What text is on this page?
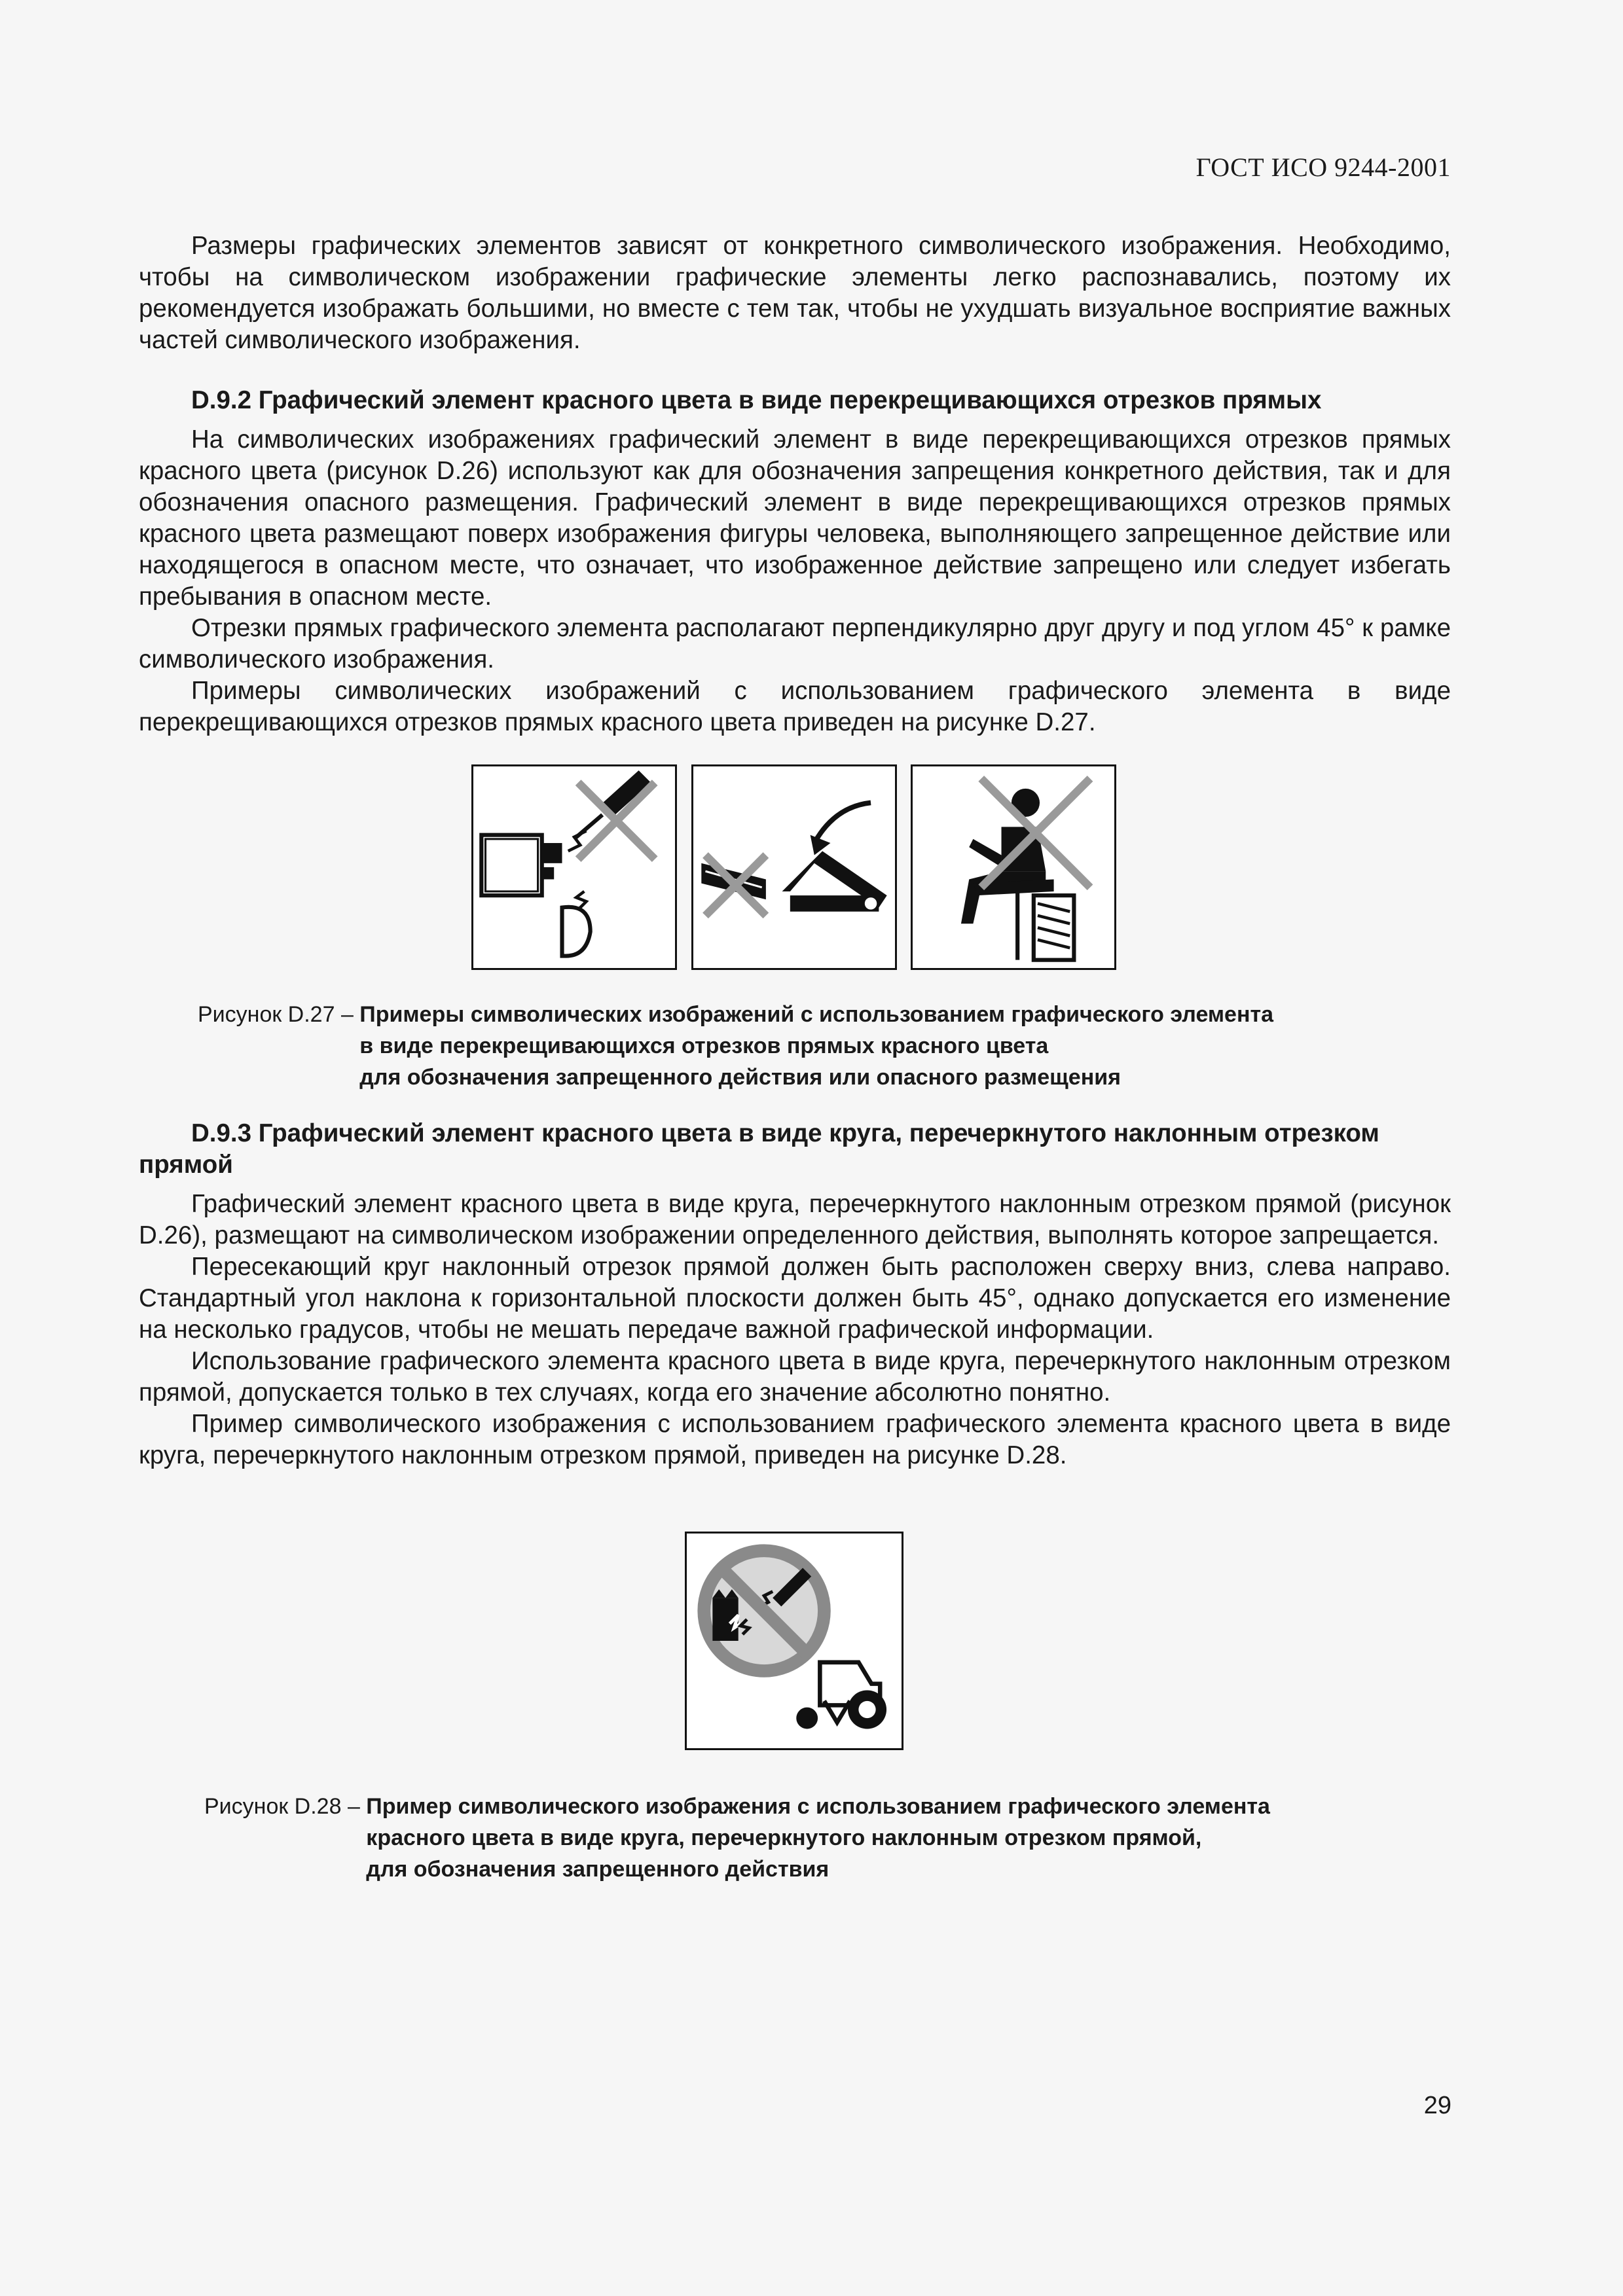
ГОСТ ИСО 9244-2001

Размеры графических элементов зависят от конкретного символического изображения. Необходимо, чтобы на символическом изображении графические элементы легко распознавались, поэтому их рекомендуется изображать большими, но вместе с тем так, чтобы не ухудшать визуальное восприятие важных частей символического изображения.

D.9.2 Графический элемент красного цвета в виде перекрещивающихся отрезков прямых

На символических изображениях графический элемент в виде перекрещивающихся отрезков прямых красного цвета (рисунок D.26) используют как для обозначения запрещения конкретного действия, так и для обозначения опасного размещения. Графический элемент в виде перекрещивающихся отрезков прямых красного цвета размещают поверх изображения фигуры человека, выполняющего запрещенное действие или находящегося в опасном месте, что означает, что изображенное действие запрещено или следует избегать пребывания в опасном месте.

Отрезки прямых графического элемента располагают перпендикулярно друг другу и под углом 45° к рамке символического изображения.

Примеры символических изображений с использованием графического элемента в виде перекрещивающихся отрезков прямых красного цвета приведен на рисунке D.27.

Рисунок D.27 – Примеры символических изображений с использованием графического элемента
в виде перекрещивающихся отрезков прямых красного цвета
для обозначения запрещенного действия или опасного размещения
D.9.3 Графический элемент красного цвета в виде круга, перечеркнутого наклонным отрезком
прямой

Графический элемент красного цвета в виде круга, перечеркнутого наклонным отрезком прямой (рисунок D.26), размещают на символическом изображении определенного действия, выполнять которое запрещается.

Пересекающий круг наклонный отрезок прямой должен быть расположен сверху вниз, слева направо. Стандартный угол наклона к горизонтальной плоскости должен быть 45°, однако допускается его изменение на несколько градусов, чтобы не мешать передаче важной графической информации.

Использование графического элемента красного цвета в виде круга, перечеркнутого наклонным отрезком прямой, допускается только в тех случаях, когда его значение абсолютно понятно.

Пример символического изображения с использованием графического элемента красного цвета в виде круга, перечеркнутого наклонным отрезком прямой, приведен на рисунке D.28.

Рисунок D.28 – Пример символического изображения с использованием графического элемента
красного цвета в виде круга, перечеркнутого наклонным отрезком прямой,
для обозначения запрещенного действия
29
